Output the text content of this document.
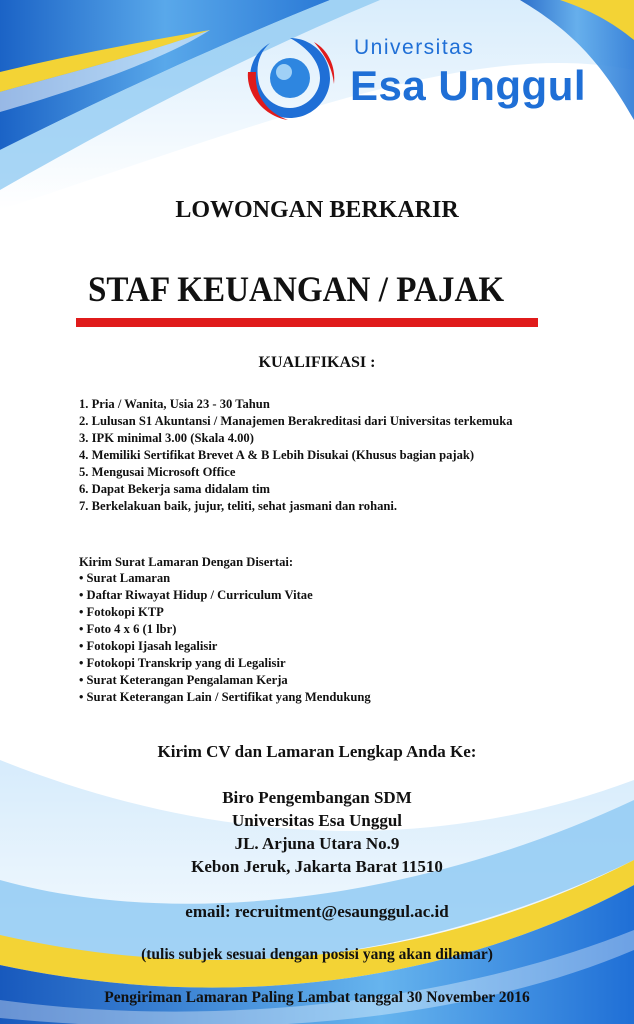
Universitas
Esa Unggul
LOWONGAN BERKARIR
STAF KEUANGAN / PAJAK
KUALIFIKASI :
1. Pria / Wanita, Usia 23 - 30 Tahun
2. Lulusan S1 Akuntansi / Manajemen Berakreditasi dari Universitas terkemuka
3. IPK minimal 3.00 (Skala 4.00)
4. Memiliki Sertifikat Brevet A & B Lebih Disukai (Khusus bagian pajak)
5. Mengusai Microsoft Office
6. Dapat Bekerja sama didalam tim
7. Berkelakuan baik, jujur, teliti, sehat jasmani dan rohani.
Kirim Surat Lamaran Dengan Disertai:
• Surat Lamaran
• Daftar Riwayat Hidup / Curriculum Vitae
• Fotokopi KTP
• Foto 4 x 6 (1 lbr)
• Fotokopi Ijasah legalisir
• Fotokopi Transkrip yang di Legalisir
• Surat Keterangan Pengalaman Kerja
• Surat Keterangan Lain / Sertifikat yang Mendukung
Kirim CV dan Lamaran Lengkap Anda Ke:
Biro Pengembangan SDM
Universitas Esa Unggul
JL. Arjuna Utara No.9
Kebon Jeruk, Jakarta Barat 11510
email: recruitment@esaunggul.ac.id
(tulis subjek sesuai dengan posisi yang akan dilamar)
Pengiriman Lamaran Paling Lambat tanggal 30 November 2016
